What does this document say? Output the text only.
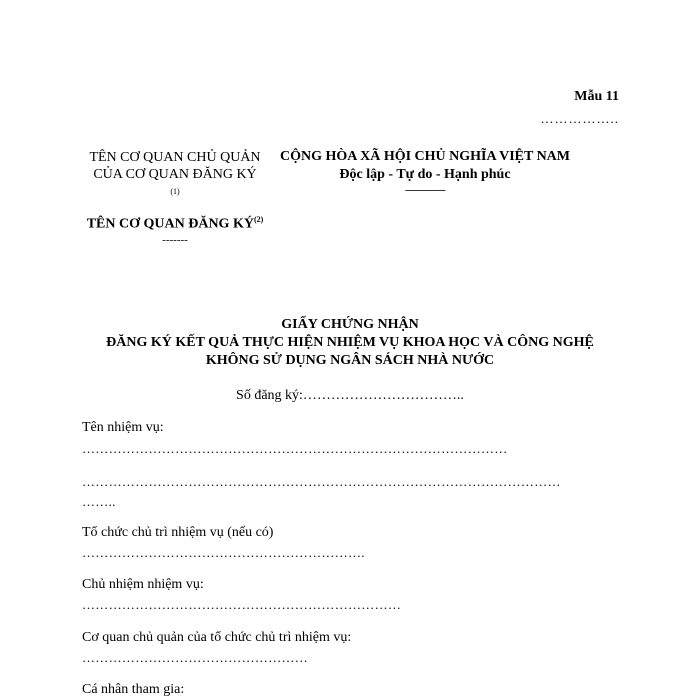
Mẫu 11
……………..
TÊN CƠ QUAN CHỦ QUẢN
CỦA CƠ QUAN ĐĂNG KÝ
$^{(1)}$
TÊN CƠ QUAN ĐĂNG KÝ$^{(2)}$
-------
CỘNG HÒA XÃ HỘI CHỦ NGHĨA VIỆT NAM
Độc lập - Tự do - Hạnh phúc
---------------
GIẤY CHỨNG NHẬN
ĐĂNG KÝ KẾT QUẢ THỰC HIỆN NHIỆM VỤ KHOA HỌC VÀ CÔNG NGHỆ
KHÔNG SỬ DỤNG NGÂN SÁCH NHÀ NƯỚC
Số đăng ký:……………………………..
Tên nhiệm vụ:
……………………………………………………………………………………
………………………………………………………………………………………………
……..
Tổ chức chủ trì nhiệm vụ (nếu có)
……………………………………………………….
Chủ nhiệm nhiệm vụ:
………………………………………………………………
Cơ quan chủ quản của tổ chức chủ trì nhiệm vụ:
……………………………………………
Cá nhân tham gia:
